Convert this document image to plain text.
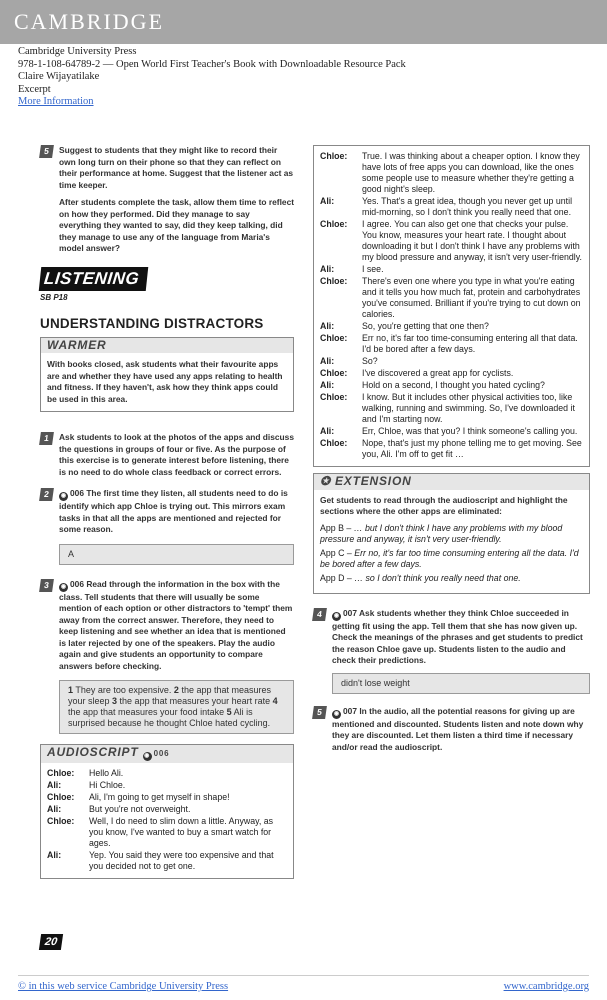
CAMBRIDGE
Cambridge University Press
978-1-108-64789-2 — Open World First Teacher's Book with Downloadable Resource Pack
Claire Wijayatilake
Excerpt
More Information
5	Suggest to students that they might like to record their own long turn on their phone so that they can reflect on their performance at home. Suggest that the listener act as time keeper.

After students complete the task, allow them time to reflect on how they performed. Did they manage to say everything they wanted to say, did they keep talking, did they manage to use any of the language from Maria's model answer?

LISTENING
SB P18
UNDERSTANDING DISTRACTORS
WARMER
With books closed, ask students what their favourite apps are and whether they have used any apps relating to health and fitness. If they haven't, ask how they think apps could be used in this area.
1	Ask students to look at the photos of the apps and discuss the questions in groups of four or five. As the purpose of this exercise is to generate interest before listening, there is no need to do whole class feedback or correct errors.

2	◉ 006 The first time they listen, all students need to do is identify which app Chloe is trying out. This mirrors exam tasks in that all the apps are mentioned and rejected for some reason.

A
3	◉ 006 Read through the information in the box with the class. Tell students that there will usually be some mention of each option or other distractors to 'tempt' them away from the correct answer. Therefore, they need to keep listening and see whether an idea that is mentioned is later rejected by one of the speakers. Play the audio again and give students an opportunity to compare answers before checking.

1 They are too expensive. 2 the app that measures your sleep 3 the app that measures your heart rate 4 the app that measures your food intake 5 Ali is surprised because he thought Chloe hated cycling.
AUDIOSCRIPT ◉ 006
Chloe:	Hello Ali.
Ali:	Hi Chloe.
Chloe:	Ali, I'm going to get myself in shape!
Ali:	But you're not overweight.
Chloe:	Well, I do need to slim down a little. Anyway, as you know, I've wanted to buy a smart watch for ages.
Ali:	Yep. You said they were too expensive and that you decided not to get one.
20
Chloe:	True. I was thinking about a cheaper option. I know they have lots of free apps you can download, like the ones some people use to measure whether they're getting a good night's sleep.
Ali:	Yes. That's a great idea, though you never get up until mid-morning, so I don't think you really need that one.
Chloe:	I agree. You can also get one that checks your pulse. You know, measures your heart rate. I thought about downloading it but I don't think I have any problems with my blood pressure and anyway, it isn't very user-friendly.
Ali:	I see.
Chloe:	There's even one where you type in what you're eating and it tells you how much fat, protein and carbohydrates you've consumed. Brilliant if you're trying to cut down on calories.
Ali:	So, you're getting that one then?
Chloe:	Err no, it's far too time-consuming entering all that data. I'd be bored after a few days.
Ali:	So?
Chloe:	I've discovered a great app for cyclists.
Ali:	Hold on a second, I thought you hated cycling?
Chloe:	I know. But it includes other physical activities too, like walking, running and swimming. So, I've downloaded it and I'm starting now.
Ali:	Err, Chloe, was that you? I think someone's calling you.
Chloe:	Nope, that's just my phone telling me to get moving. See you, Ali. I'm off to get fit …
✪ EXTENSION
Get students to read through the audioscript and highlight the sections where the other apps are eliminated:
App B – … but I don't think I have any problems with my blood pressure and anyway, it isn't very user-friendly.
App C – Err no, it's far too time consuming entering all the data. I'd be bored after a few days.
App D – … so I don't think you really need that one.
4	◉ 007 Ask students whether they think Chloe succeeded in getting fit using the app. Tell them that she has now given up. Check the meanings of the phrases and get students to predict the reason Chloe gave up. Students listen to the audio and check their predictions.

didn't lose weight
5	◉ 007 In the audio, all the potential reasons for giving up are mentioned and discounted. Students listen and note down why they are discounted. Let them listen a third time if necessary and/or read the audioscript.

© in this web service Cambridge University Press	www.cambridge.org
